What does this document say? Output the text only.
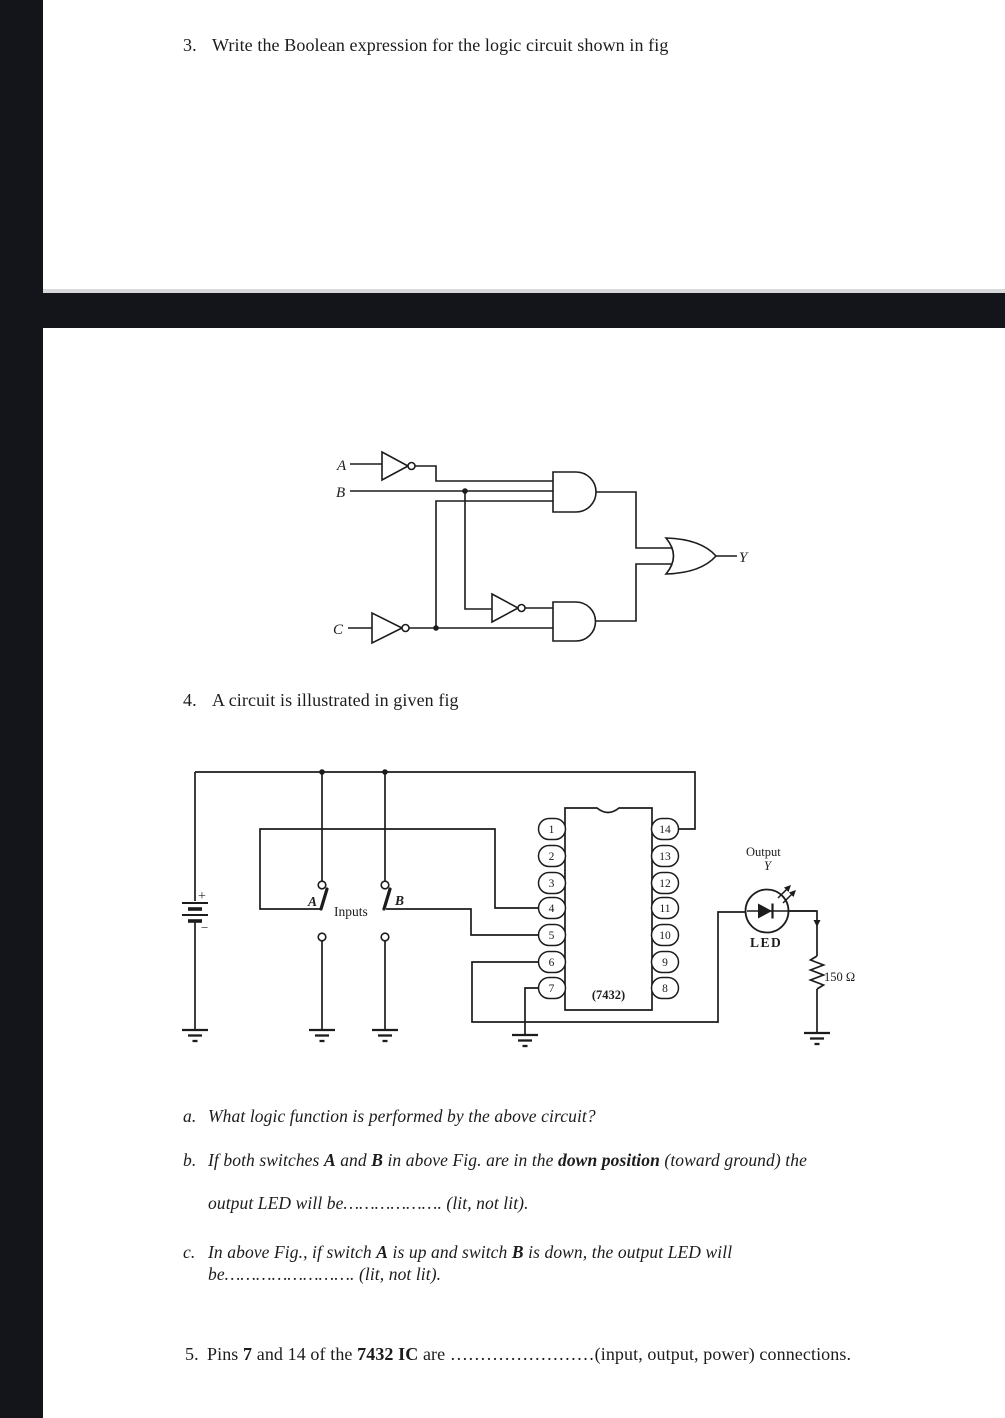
3. Write the Boolean expression for the logic circuit shown in fig
A
B
C
Y
4. A circuit is illustrated in given fig
1
2
3
4
5
6
7
14
13
12
11
10
9
8
+
−
A	B
Inputs
(7432)
Output
Y
LED
150 Ω
a. What logic function is performed by the above circuit?
b. If both switches A and B in above Fig. are in the down position (toward ground) the
output LED will be………………. (lit, not lit).
c. In above Fig., if switch A is up and switch B is down, the output LED will
be……………………. (lit, not lit).
5. Pins 7 and 14 of the 7432 IC are ……………………(input, output, power) connections.
